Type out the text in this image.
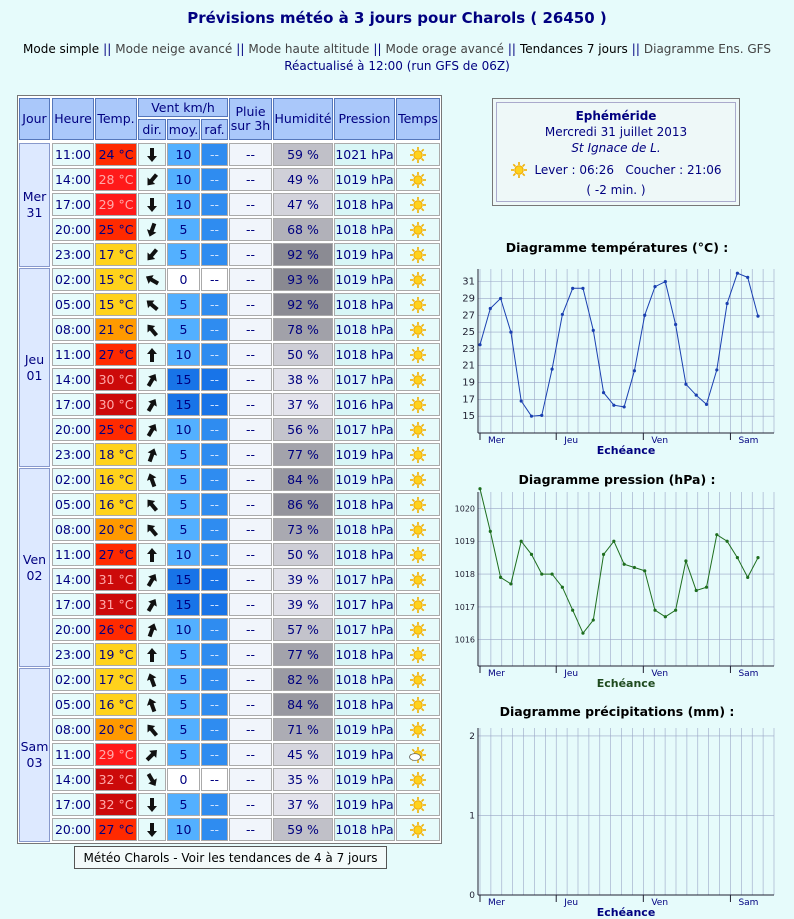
Prévisions météo à 3 jours pour Charols ( 26450 )
Mode simple || Mode neige avancé || Mode haute altitude || Mode orage avancé || Tendances 7 jours || Diagramme Ens. GFS
Réactualisé à 12:00 (run GFS de 06Z)
Jour Heure Temp.
Vent km/h
dir. moy. raf.
Pluie sur 3h Humidité Pression Temps
Mer
31
11:00 24 °C	10	--	--	59 %	1021 hPa
14:00 28 °C	10	--	--	49 %	1019 hPa
17:00 29 °C	10	--	--	47 %	1018 hPa
20:00 25 °C	5	--	--	68 %	1018 hPa
23:00 17 °C	5	--	--	92 %	1019 hPa
Jeu
01
02:00 15 °C	0	--	--	93 %	1019 hPa
05:00 15 °C	5	--	--	92 %	1018 hPa
08:00 21 °C	5	--	--	78 %	1018 hPa
11:00 27 °C	10	--	--	50 %	1018 hPa
14:00 30 °C	15	--	--	38 %	1017 hPa
17:00 30 °C	15	--	--	37 %	1016 hPa
20:00 25 °C	10	--	--	56 %	1017 hPa
23:00 18 °C	5	--	--	77 %	1019 hPa
Ven
02
02:00 16 °C	5	--	--	84 %	1019 hPa
05:00 16 °C	5	--	--	86 %	1018 hPa
08:00 20 °C	5	--	--	73 %	1018 hPa
11:00 27 °C	10	--	--	50 %	1018 hPa
14:00 31 °C	15	--	--	39 %	1017 hPa
17:00 31 °C	15	--	--	39 %	1017 hPa
20:00 26 °C	10	--	--	57 %	1017 hPa
23:00 19 °C	5	--	--	77 %	1018 hPa
Sam
03
02:00 17 °C	5	--	--	82 %	1018 hPa
05:00 16 °C	5	--	--	84 %	1018 hPa
08:00 20 °C	5	--	--	71 %	1019 hPa
11:00 29 °C	5	--	--	45 %	1019 hPa
14:00 32 °C	0	--	--	35 %	1019 hPa
17:00 32 °C	5	--	--	37 %	1019 hPa
20:00 27 °C	10	--	--	59 %	1018 hPa
Météo Charols - Voir les tendances de 4 à 7 jours
Ephéméride
Mercredi 31 juillet 2013
St Ignace de L.
Lever : 06:26   Coucher : 21:06
( -2 min. )
Diagramme températures (°C) :
15
17
19
21
23
25
27
29
31
Mer	Jeu	Ven	Sam
Echéance
Diagramme pression (hPa) :
1016
1017
1018
1019
1020
Mer	Jeu	Ven	Sam
Echéance
Diagramme précipitations (mm) :
0
1
2
Mer	Jeu	Ven	Sam
Echéance
